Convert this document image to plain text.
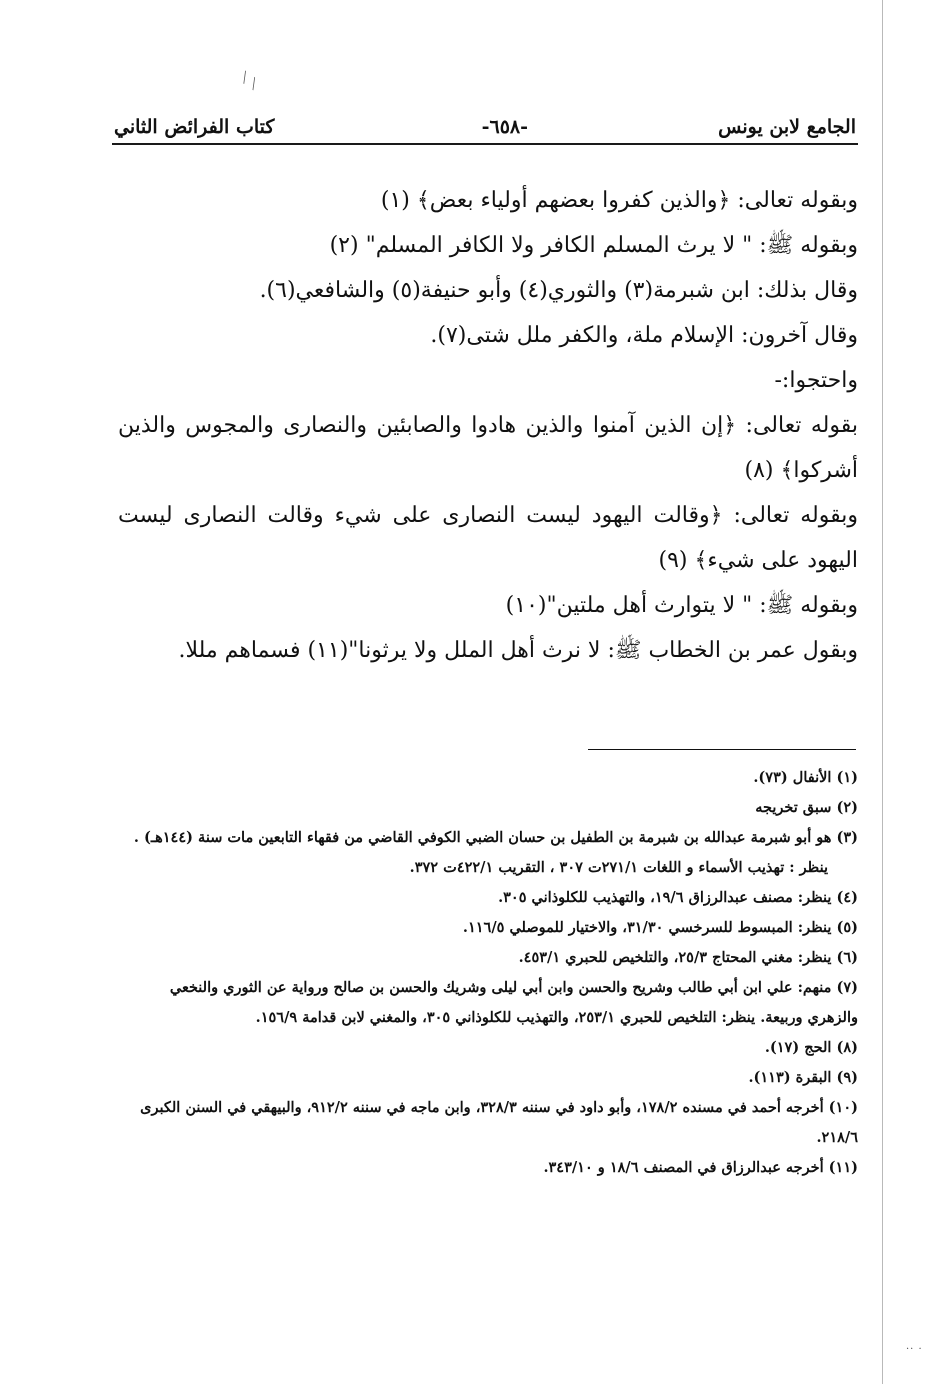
╲ ╲
·· ·
الجامع لابن يونس
-٦٥٨-
كتاب الفرائض الثاني

وبقوله تعالى: ﴿والذين كفروا بعضهم أولياء بعض﴾ (١)

وبقوله ﷺ: " لا يرث المسلم الكافر ولا الكافر المسلم" (٢)

وقال بذلك: ابن شبرمة(٣) والثوري(٤) وأبو حنيفة(٥) والشافعي(٦).

وقال آخرون: الإسلام ملة، والكفر ملل شتى(٧).

واحتجوا:-

بقوله تعالى: ﴿إن الذين آمنوا والذين هادوا والصابئين والنصارى والمجوس والذين أشركوا﴾ (٨)

وبقوله تعالى: ﴿وقالت اليهود ليست النصارى على شيء وقالت النصارى ليست اليهود على شيء﴾ (٩)

وبقوله ﷺ: " لا يتوارث أهل ملتين"(١٠)

وبقول عمر بن الخطاب ﷺ: لا نرث أهل الملل ولا يرثونا"(١١) فسماهم مللا.

(١) الأنفال (٧٣).

(٢) سبق تخريجه

(٣) هو أبو شبرمة عبدالله بن شبرمة بن الطفيل بن حسان الضبي الكوفي القاضي من فقهاء التابعين مات سنة (١٤٤هـ) .

ينظر : تهذيب الأسماء و اللغات ٢٧١/١ت ٣٠٧ ، التقريب ٤٢٢/١ت ٣٧٢.

(٤) ينظر: مصنف عبدالرزاق ١٩/٦، والتهذيب للكلوذاني ٣٠٥.

(٥) ينظر: المبسوط للسرخسي ٣١/٣٠، والاختيار للموصلي ١١٦/٥.

(٦) ينظر: مغني المحتاج ٢٥/٣، والتلخيص للحبري ٤٥٣/١.

(٧) منهم: علي ابن أبي طالب وشريح والحسن وابن أبي ليلى وشريك والحسن بن صالح ورواية عن الثوري والنخعي والزهري وربيعة. ينظر: التلخيص للحبري ٢٥٣/١، والتهذيب للكلوذاني ٣٠٥، والمغني لابن قدامة ١٥٦/٩.

(٨) الحج (١٧).

(٩) البقرة (١١٣).

(١٠) أخرجه أحمد في مسنده ١٧٨/٢، وأبو داود في سننه ٣٢٨/٣، وابن ماجه في سننه ٩١٢/٢، والبيهقي في السنن الكبرى ٢١٨/٦.

(١١) أخرجه عبدالرزاق في المصنف ١٨/٦ و ٣٤٣/١٠.
